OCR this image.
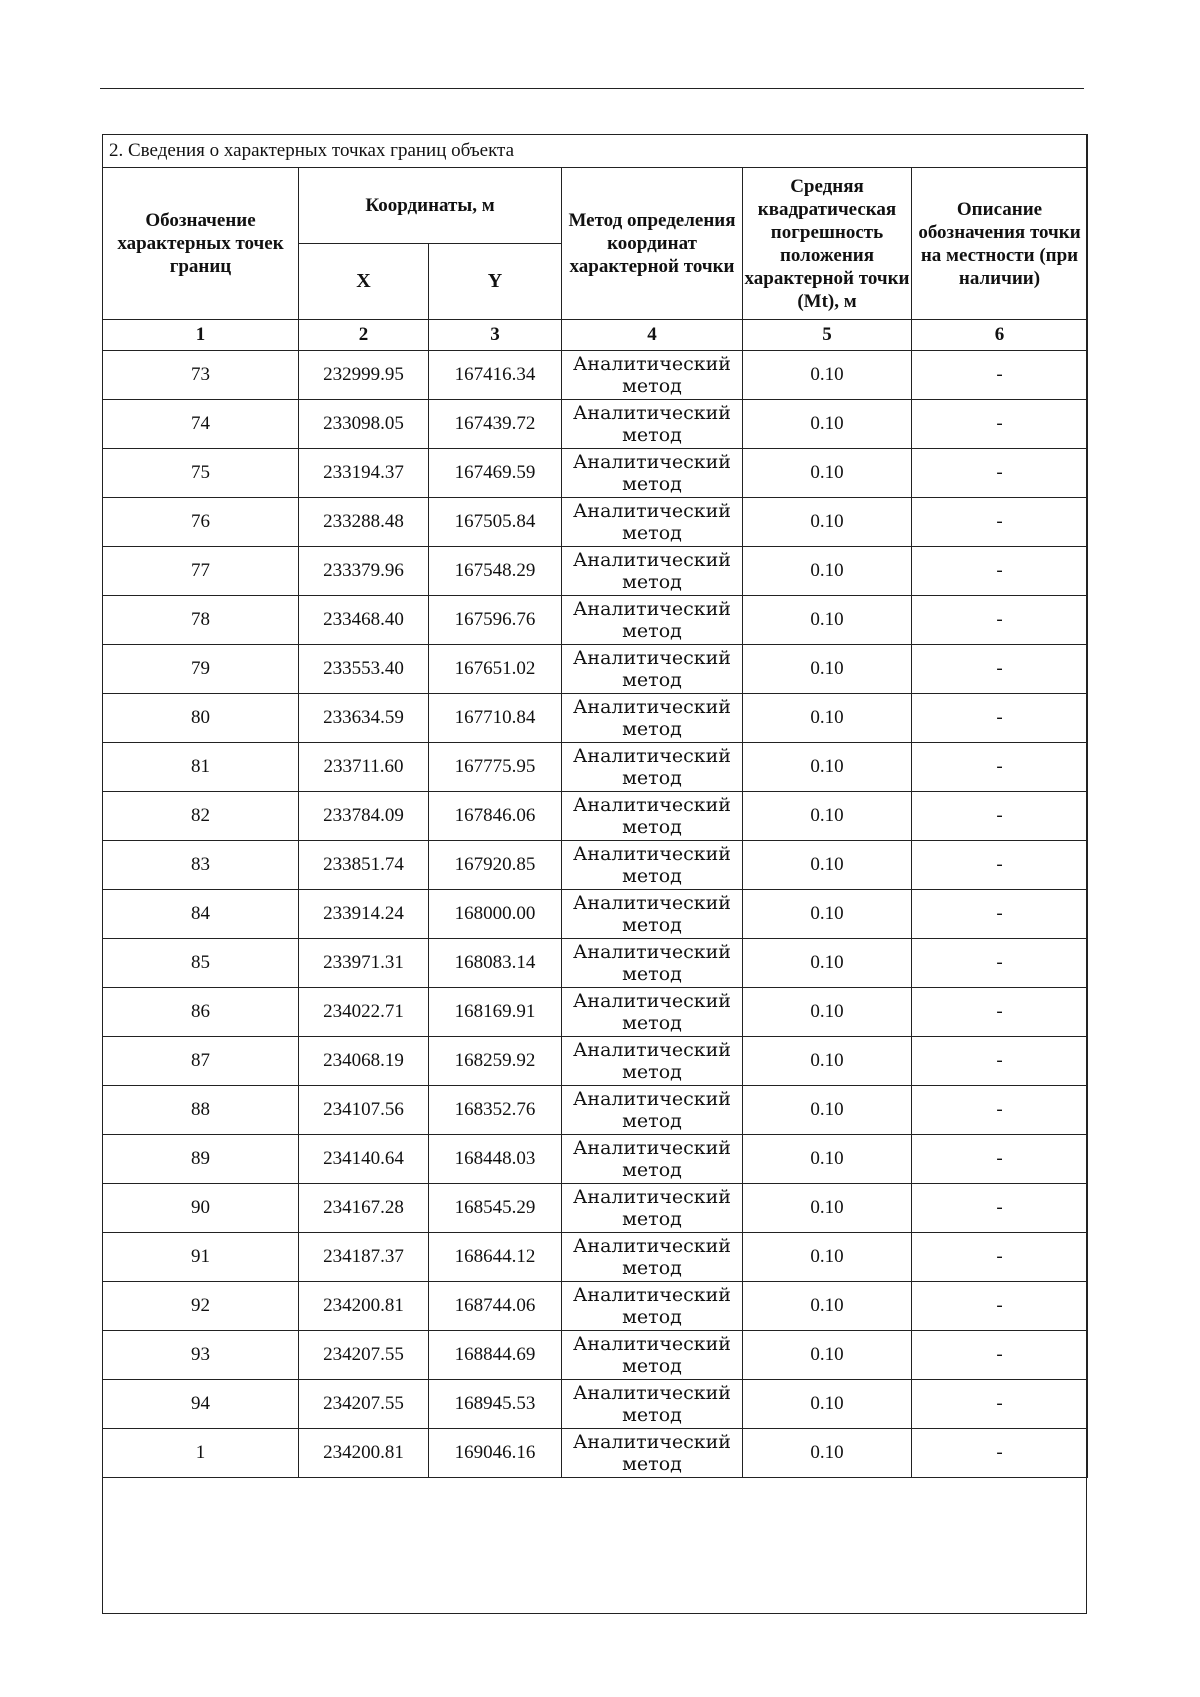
2. Сведения о характерных точках границ объекта					
Обозначение характерных точек границ	Координаты, м		Метод определения координат характерной точки	Средняя квадратическая погрешность положения характерной точки (Mt), м	Описание обозначения точки на местности (при наличии)
	X	Y			
1	2	3	4	5	6
73	232999.95	167416.34	Аналитический метод	0.10	-
74	233098.05	167439.72	Аналитический метод	0.10	-
75	233194.37	167469.59	Аналитический метод	0.10	-
76	233288.48	167505.84	Аналитический метод	0.10	-
77	233379.96	167548.29	Аналитический метод	0.10	-
78	233468.40	167596.76	Аналитический метод	0.10	-
79	233553.40	167651.02	Аналитический метод	0.10	-
80	233634.59	167710.84	Аналитический метод	0.10	-
81	233711.60	167775.95	Аналитический метод	0.10	-
82	233784.09	167846.06	Аналитический метод	0.10	-
83	233851.74	167920.85	Аналитический метод	0.10	-
84	233914.24	168000.00	Аналитический метод	0.10	-
85	233971.31	168083.14	Аналитический метод	0.10	-
86	234022.71	168169.91	Аналитический метод	0.10	-
87	234068.19	168259.92	Аналитический метод	0.10	-
88	234107.56	168352.76	Аналитический метод	0.10	-
89	234140.64	168448.03	Аналитический метод	0.10	-
90	234167.28	168545.29	Аналитический метод	0.10	-
91	234187.37	168644.12	Аналитический метод	0.10	-
92	234200.81	168744.06	Аналитический метод	0.10	-
93	234207.55	168844.69	Аналитический метод	0.10	-
94	234207.55	168945.53	Аналитический метод	0.10	-
1	234200.81	169046.16	Аналитический метод	0.10	-
